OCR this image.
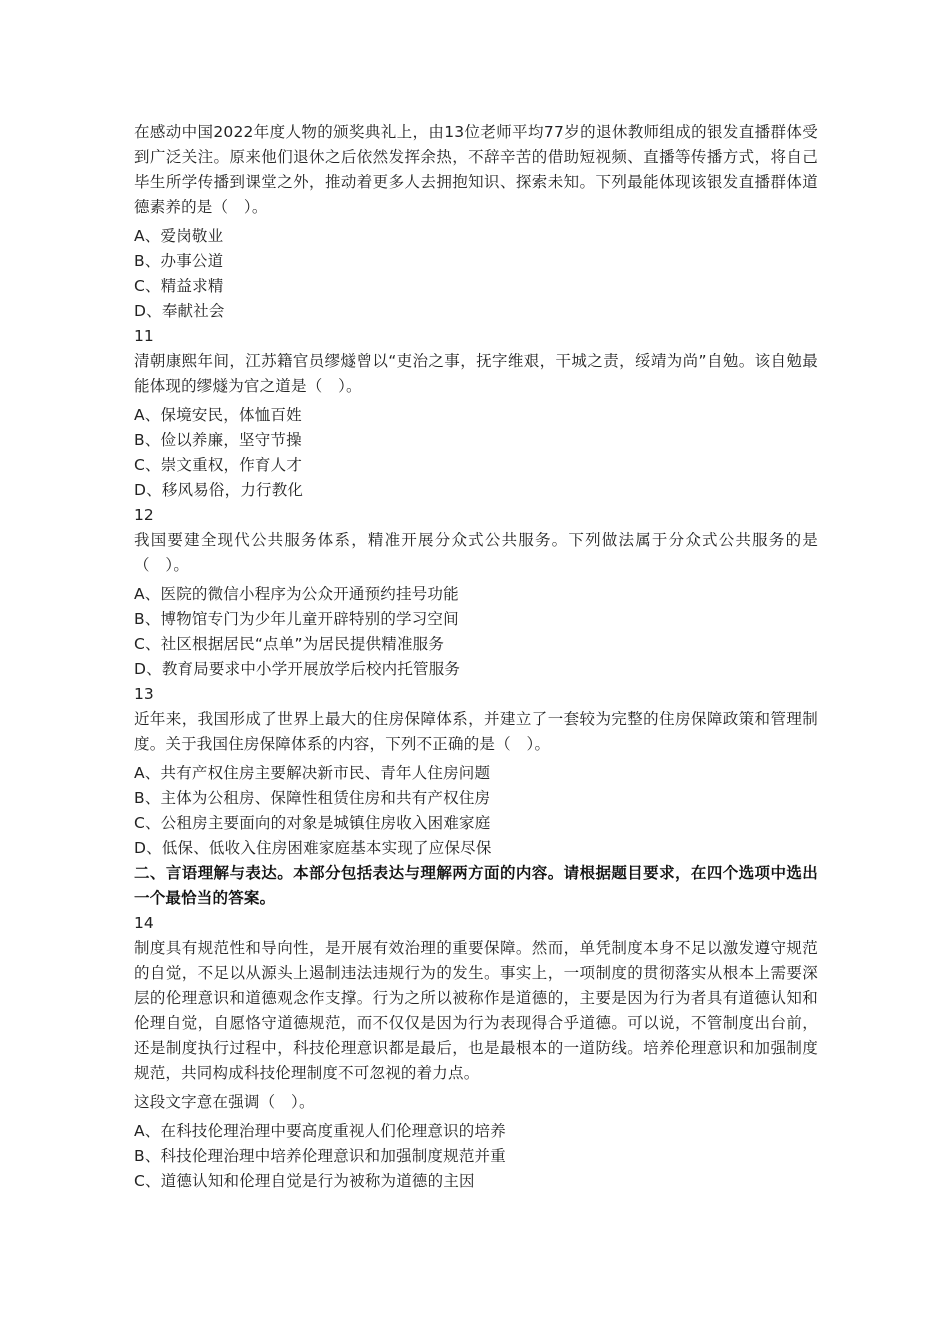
在感动中国2022年度人物的颁奖典礼上，由13位老师平均77岁的退休教师组成的银发直播群体受到广泛关注。原来他们退休之后依然发挥余热，不辞辛苦的借助短视频、直播等传播方式，将自己毕生所学传播到课堂之外，推动着更多人去拥抱知识、探索未知。下列最能体现该银发直播群体道德素养的是（　）。

A、爱岗敬业

B、办事公道

C、精益求精

D、奉献社会

11

清朝康熙年间，江苏籍官员缪燧曾以“吏治之事，抚字维艰，干城之责，绥靖为尚”自勉。该自勉最能体现的缪燧为官之道是（　）。

A、保境安民，体恤百姓

B、俭以养廉，坚守节操

C、崇文重权，作育人才

D、移风易俗，力行教化

12

我国要建全现代公共服务体系，精准开展分众式公共服务。下列做法属于分众式公共服务的是（　）。

A、医院的微信小程序为公众开通预约挂号功能

B、博物馆专门为少年儿童开辟特别的学习空间

C、社区根据居民“点单”为居民提供精准服务

D、教育局要求中小学开展放学后校内托管服务

13

近年来，我国形成了世界上最大的住房保障体系，并建立了一套较为完整的住房保障政策和管理制度。关于我国住房保障体系的内容，下列不正确的是（　）。

A、共有产权住房主要解决新市民、青年人住房问题

B、主体为公租房、保障性租赁住房和共有产权住房

C、公租房主要面向的对象是城镇住房收入困难家庭

D、低保、低收入住房困难家庭基本实现了应保尽保

二、言语理解与表达。本部分包括表达与理解两方面的内容。请根据题目要求，在四个选项中选出一个最恰当的答案。

14

制度具有规范性和导向性，是开展有效治理的重要保障。然而，单凭制度本身不足以激发遵守规范的自觉，不足以从源头上遏制违法违规行为的发生。事实上，一项制度的贯彻落实从根本上需要深层的伦理意识和道德观念作支撑。行为之所以被称作是道德的，主要是因为行为者具有道德认知和伦理自觉，自愿恪守道德规范，而不仅仅是因为行为表现得合乎道德。可以说，不管制度出台前，还是制度执行过程中，科技伦理意识都是最后，也是最根本的一道防线。培养伦理意识和加强制度规范，共同构成科技伦理制度不可忽视的着力点。

这段文字意在强调（　）。

A、在科技伦理治理中要高度重视人们伦理意识的培养

B、科技伦理治理中培养伦理意识和加强制度规范并重

C、道德认知和伦理自觉是行为被称为道德的主因
